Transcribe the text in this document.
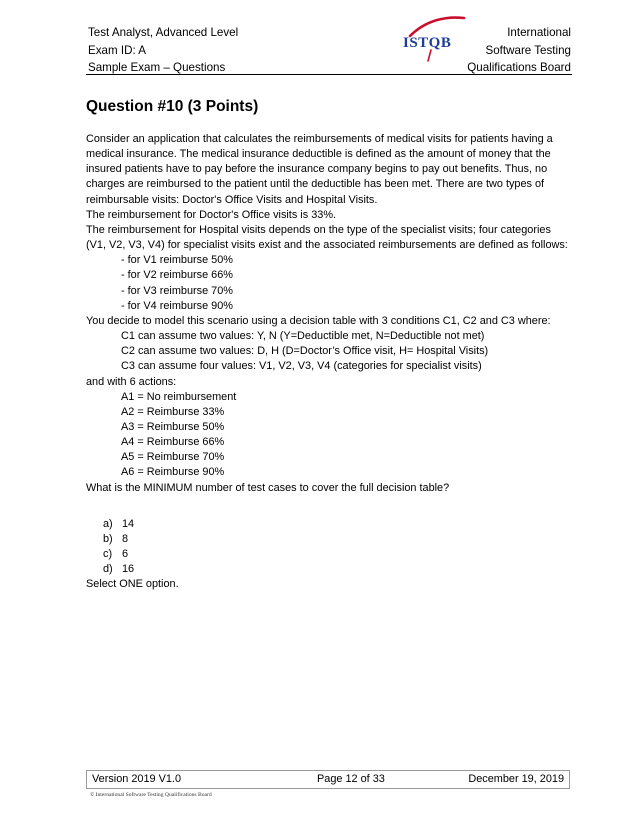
Test Analyst, Advanced Level
Exam ID: A
Sample Exam – Questions
ISTQB
International
Software Testing
Qualifications Board
Question #10 (3 Points)

Consider an application that calculates the reimbursements of medical visits for patients having a medical insurance. The medical insurance deductible is defined as the amount of money that the insured patients have to pay before the insurance company begins to pay out benefits. Thus, no charges are reimbursed to the patient until the deductible has been met. There are two types of reimbursable visits: Doctor's Office Visits and Hospital Visits.

The reimbursement for Doctor's Office visits is 33%.

The reimbursement for Hospital visits depends on the type of the specialist visits; four categories (V1, V2, V3, V4) for specialist visits exist and the associated reimbursements are defined as follows:

- for V1 reimburse 50%

- for V2 reimburse 66%

- for V3 reimburse 70%

- for V4 reimburse 90%

You decide to model this scenario using a decision table with 3 conditions C1, C2 and C3 where:

C1 can assume two values: Y, N (Y=Deductible met, N=Deductible not met)

C2 can assume two values: D, H (D=Doctor’s Office visit, H= Hospital Visits)

C3 can assume four values: V1, V2, V3, V4 (categories for specialist visits)

and with 6 actions:

A1 = No reimbursement

A2 = Reimburse 33%

A3 = Reimburse 50%

A4 = Reimburse 66%

A5 = Reimburse 70%

A6 = Reimburse 90%

What is the MINIMUM number of test cases to cover the full decision table?

a) 14
b) 8
c) 6
d) 16

Select ONE option.

Version 2019 V1.0	Page 12 of 33	December 19, 2019
© International Software Testing Qualifications Board
